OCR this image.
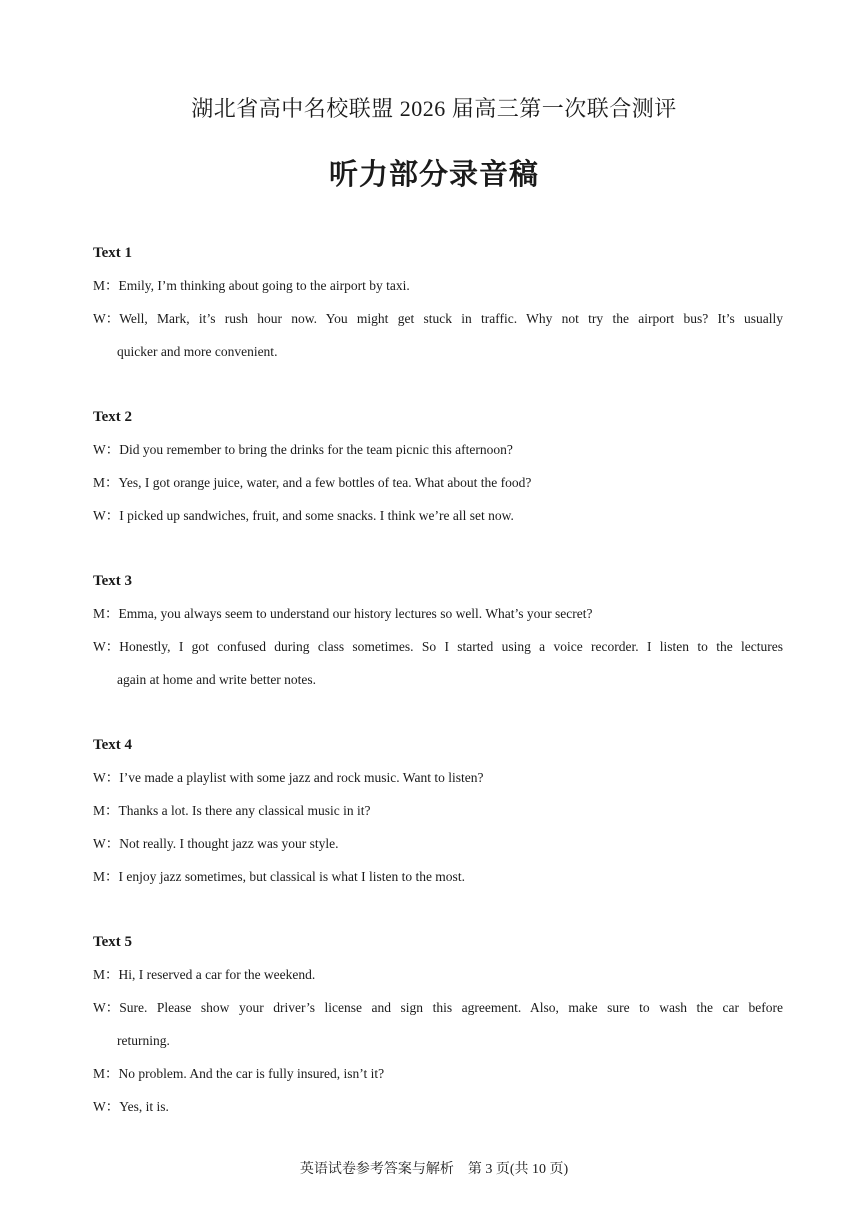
湖北省高中名校联盟 2026 届高三第一次联合测评
听力部分录音稿
Text 1
M：Emily, I’m thinking about going to the airport by taxi.
W：Well, Mark, it’s rush hour now. You might get stuck in traffic. Why not try the airport bus? It’s usually
quicker and more convenient.
Text 2
W：Did you remember to bring the drinks for the team picnic this afternoon?
M：Yes, I got orange juice, water, and a few bottles of tea. What about the food?
W：I picked up sandwiches, fruit, and some snacks. I think we’re all set now.
Text 3
M：Emma, you always seem to understand our history lectures so well. What’s your secret?
W：Honestly, I got confused during class sometimes. So I started using a voice recorder. I listen to the lectures
again at home and write better notes.
Text 4
W：I’ve made a playlist with some jazz and rock music. Want to listen?
M：Thanks a lot. Is there any classical music in it?
W：Not really. I thought jazz was your style.
M：I enjoy jazz sometimes, but classical is what I listen to the most.
Text 5
M：Hi, I reserved a car for the weekend.
W：Sure. Please show your driver’s license and sign this agreement. Also, make sure to wash the car before
returning.
M：No problem. And the car is fully insured, isn’t it?
W：Yes, it is.
英语试卷参考答案与解析　第 3 页(共 10 页)
